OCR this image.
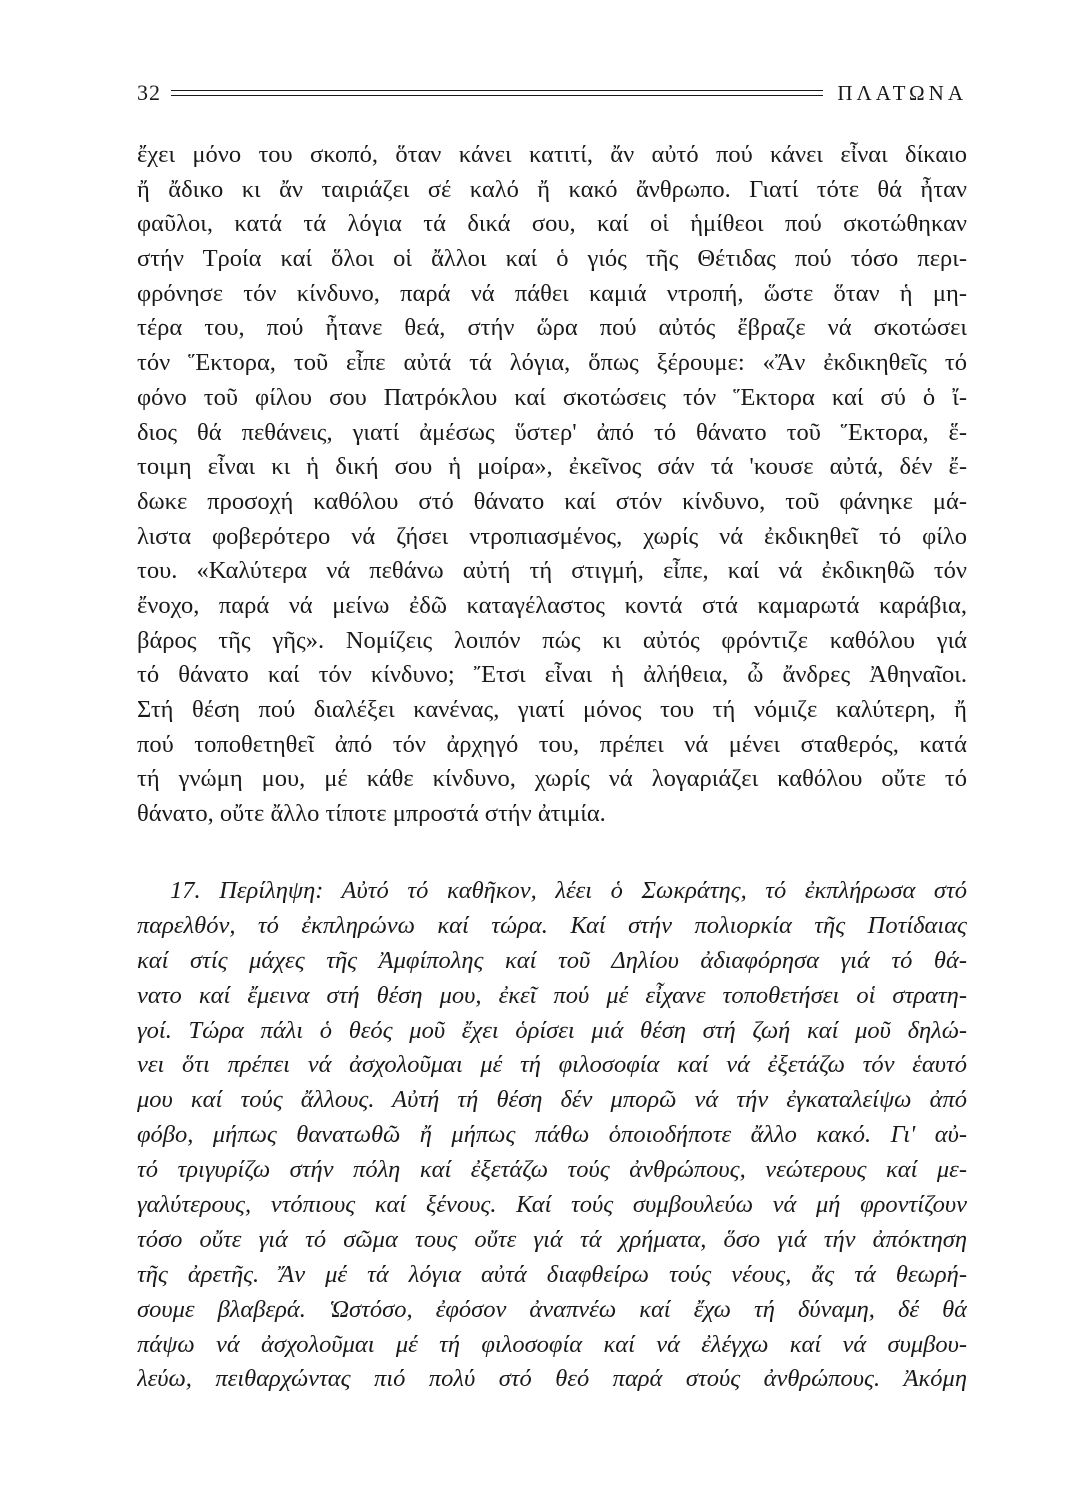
32	ΠΛΑΤΩΝΑ
ἔχει μόνο του σκοπό, ὅταν κάνει κατιτί, ἄν αὐτό πού κάνει εἶναι δίκαιο
ἤ ἄδικο κι ἄν ταιριάζει σέ καλό ἤ κακό ἄνθρωπο. Γιατί τότε θά ἦταν
φαῦλοι, κατά τά λόγια τά δικά σου, καί οἱ ἡμίθεοι πού σκοτώθηκαν
στήν Τροία καί ὅλοι οἱ ἄλλοι καί ὁ γιός τῆς Θέτιδας πού τόσο περι-
φρόνησε τόν κίνδυνο, παρά νά πάθει καμιά ντροπή, ὥστε ὅταν ἡ μη-
τέρα του, πού ἦτανε θεά, στήν ὥρα πού αὐτός ἔβραζε νά σκοτώσει
τόν Ἕκτορα, τοῦ εἶπε αὐτά τά λόγια, ὅπως ξέρουμε: «Ἄν ἐκδικηθεῖς τό
φόνο τοῦ φίλου σου Πατρόκλου καί σκοτώσεις τόν Ἕκτορα καί σύ ὁ ἴ-
διος θά πεθάνεις, γιατί ἀμέσως ὕστερ' ἀπό τό θάνατο τοῦ Ἕκτορα, ἕ-
τοιμη εἶναι κι ἡ δική σου ἡ μοίρα», ἐκεῖνος σάν τά 'κουσε αὐτά, δέν ἔ-
δωκε προσοχή καθόλου στό θάνατο καί στόν κίνδυνο, τοῦ φάνηκε μά-
λιστα φοβερότερο νά ζήσει ντροπιασμένος, χωρίς νά ἐκδικηθεῖ τό φίλο
του. «Καλύτερα νά πεθάνω αὐτή τή στιγμή, εἶπε, καί νά ἐκδικηθῶ τόν
ἔνοχο, παρά νά μείνω ἐδῶ καταγέλαστος κοντά στά καμαρωτά καράβια,
βάρος τῆς γῆς». Νομίζεις λοιπόν πώς κι αὐτός φρόντιζε καθόλου γιά
τό θάνατο καί τόν κίνδυνο; Ἔτσι εἶναι ἡ ἀλήθεια, ὦ ἄνδρες Ἀθηναῖοι.
Στή θέση πού διαλέξει κανένας, γιατί μόνος του τή νόμιζε καλύτερη, ἤ
πού τοποθετηθεῖ ἀπό τόν ἀρχηγό του, πρέπει νά μένει σταθερός, κατά
τή γνώμη μου, μέ κάθε κίνδυνο, χωρίς νά λογαριάζει καθόλου οὔτε τό
θάνατο, οὔτε ἄλλο τίποτε μπροστά στήν ἀτιμία.
17. Περίληψη: Αὐτό τό καθῆκον, λέει ὁ Σωκράτης, τό ἐκπλήρωσα στό
παρελθόν, τό ἐκπληρώνω καί τώρα. Καί στήν πολιορκία τῆς Ποτίδαιας
καί στίς μάχες τῆς Ἀμφίπολης καί τοῦ Δηλίου ἀδιαφόρησα γιά τό θά-
νατο καί ἔμεινα στή θέση μου, ἐκεῖ πού μέ εἶχανε τοποθετήσει οἱ στρατη-
γοί. Τώρα πάλι ὁ θεός μοῦ ἔχει ὁρίσει μιά θέση στή ζωή καί μοῦ δηλώ-
νει ὅτι πρέπει νά ἀσχολοῦμαι μέ τή φιλοσοφία καί νά ἐξετάζω τόν ἑαυτό
μου καί τούς ἄλλους. Αὐτή τή θέση δέν μπορῶ νά τήν ἐγκαταλείψω ἀπό
φόβο, μήπως θανατωθῶ ἤ μήπως πάθω ὁποιοδήποτε ἄλλο κακό. Γι' αὐ-
τό τριγυρίζω στήν πόλη καί ἐξετάζω τούς ἀνθρώπους, νεώτερους καί με-
γαλύτερους, ντόπιους καί ξένους. Καί τούς συμβουλεύω νά μή φροντίζουν
τόσο οὔτε γιά τό σῶμα τους οὔτε γιά τά χρήματα, ὅσο γιά τήν ἀπόκτηση
τῆς ἀρετῆς. Ἄν μέ τά λόγια αὐτά διαφθείρω τούς νέους, ἄς τά θεωρή-
σουμε βλαβερά. Ὡστόσο, ἐφόσον ἀναπνέω καί ἔχω τή δύναμη, δέ θά
πάψω νά ἀσχολοῦμαι μέ τή φιλοσοφία καί νά ἐλέγχω καί νά συμβου-
λεύω, πειθαρχώντας πιό πολύ στό θεό παρά στούς ἀνθρώπους. Ἀκόμη
